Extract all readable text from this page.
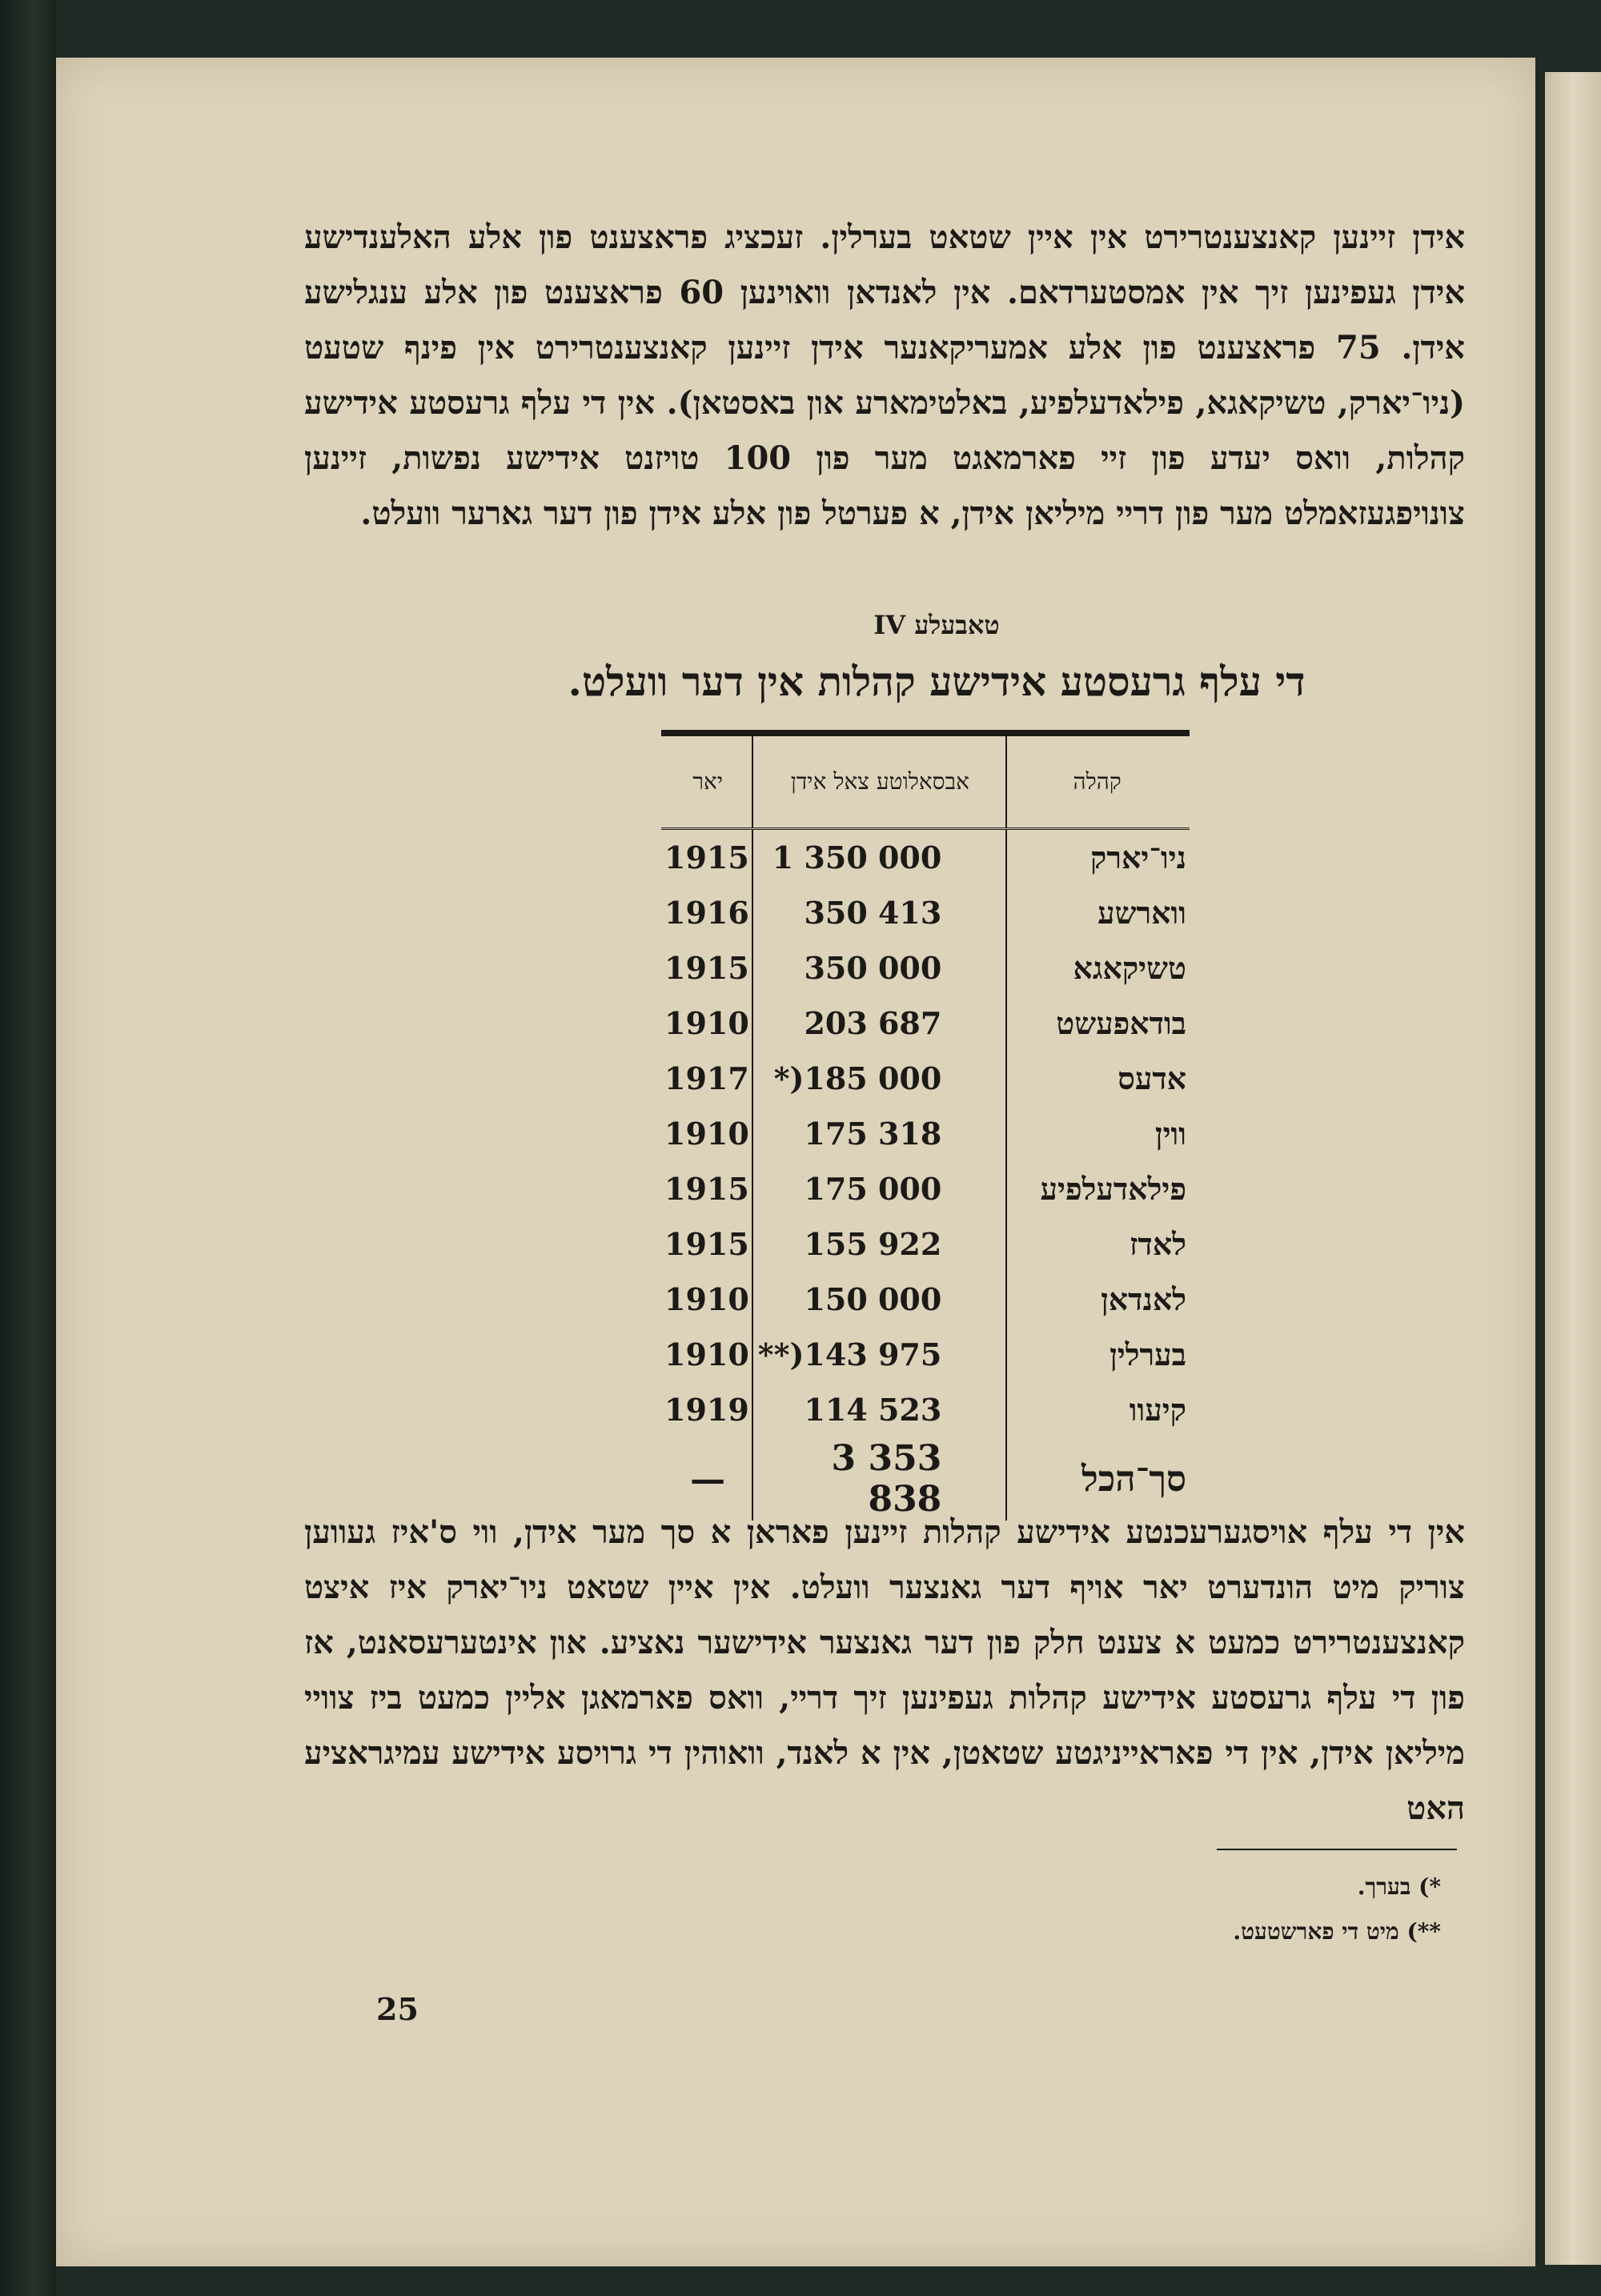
אידן זיינען קאנצענטרירט אין איין שטאט בערלין. זעכציג פראצענט פון אלע האלענדישע אידן געפינען זיך אין אמסטערדאם. אין לאנדאן וואוינען 60 פראצענט פון אלע ענגלישע אידן. 75 פראצענט פון אלע אמעריקאנער אידן זיינען קאנצענטרירט אין פינף שטעט (ניו־יארק, טשיקאגא, פילאדעלפיע, באלטימארע און באסטאן). אין די עלף גרעסטע אידישע קהלות, וואס יעדע פון זיי פארמאגט מער פון 100 טויזנט אידישע נפשות, זיינען צונויפגעזאמלט מער פון דריי מיליאן אידן, א פערטל פון אלע אידן פון דער גארער וועלט.

טאבעלע IV
די עלף גרעסטע אידישע קהלות אין דער וועלט.
יאר	אבסאלוטע צאל אידן	קהלה
1915	1 350 000	ניו־יארק
1916	350 413	ווארשע
1915	350 000	טשיקאגא
1910	203 687	בודאפעשט
1917	*)185 000	אדעס
1910	175 318	ווין
1915	175 000	פילאדעלפיע
1915	155 922	לאדז
1910	150 000	לאנדאן
1910	**)143 975	בערלין
1919	114 523	קיעוו
—	3 353 838	סך־הכל

אין די עלף אויסגערעכנטע אידישע קהלות זיינען פאראן א סך מער אידן, ווי ס'איז געווען צוריק מיט הונדערט יאר אויף דער גאנצער וועלט. אין איין שטאט ניו־יארק איז איצט קאנצענטרירט כמעט א צענט חלק פון דער גאנצער אידישער נאציע. און אינטערעסאנט, אז פון די עלף גרעסטע אידישע קהלות געפינען זיך דריי, וואס פארמאגן אליין כמעט ביז צוויי מיליאן אידן, אין די פאראייניגטע שטאטן, אין א לאנד, וואוהין די גרויסע אידישע עמיגראציע האט

*) בערך.
**) מיט די פארשטעט.
25
